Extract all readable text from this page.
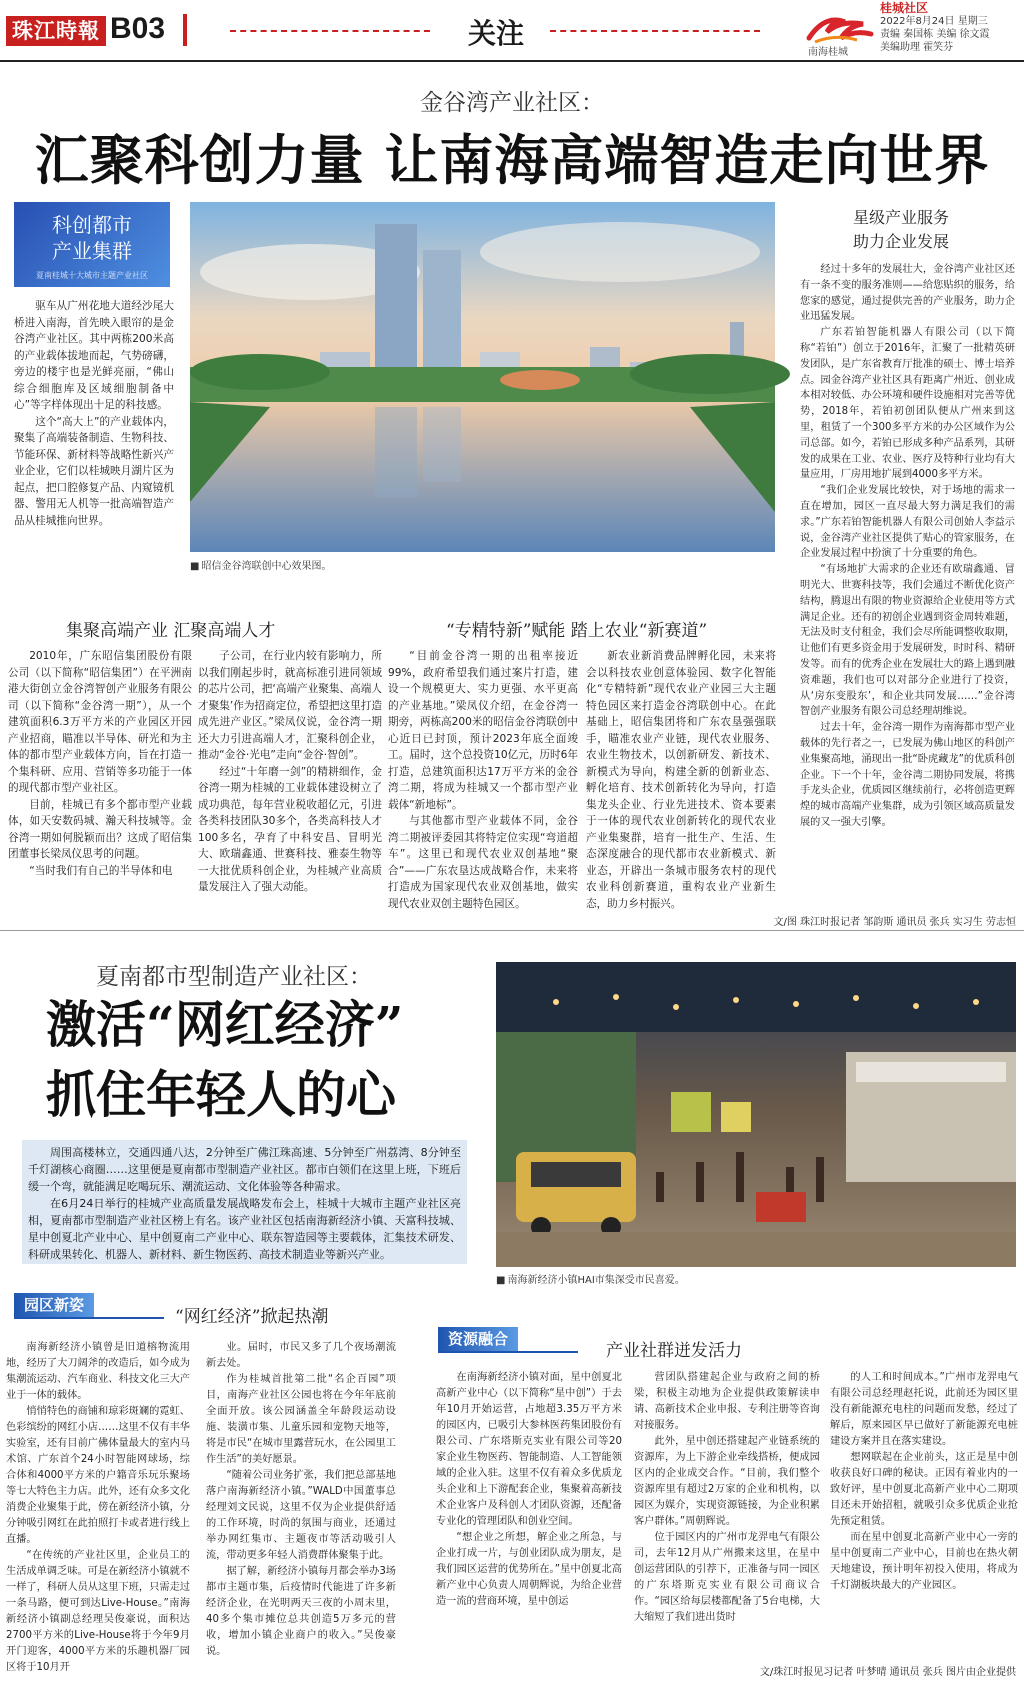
珠江時報 B03	关注
南海桂城
桂城社区
2022年8月24日 星期三
责编 秦国栋 美编 徐文霞
美编助理 霍笑芬
金谷湾产业社区：
汇聚科创力量 让南海高端智造走向世界
科创都市
产业集群
夏南桂城十大城市主题产业社区

驱车从广州花地大道经沙尾大桥进入南海，首先映入眼帘的是金谷湾产业社区。其中两栋200米高的产业载体拔地而起，气势磅礴，旁边的楼宇也是光鲜亮丽，“佛山综合细胞库及区域细胞制备中心”等字样体现出十足的科技感。

这个“高大上”的产业载体内，聚集了高端装备制造、生物科技、节能环保、新材料等战略性新兴产业企业，它们以桂城映月湖片区为起点，把口腔修复产品、内窥镜机器、警用无人机等一批高端智造产品从桂城推向世界。

■ 昭信金谷湾联创中心效果图。
星级产业服务
助力企业发展

经过十多年的发展壮大，金谷湾产业社区还有一条不变的服务准则——给您贴织的服务，给您家的感觉，通过提供完善的产业服务，助力企业迅猛发展。

广东若铂智能机器人有限公司（以下简称“若铂”）创立于2016年，汇聚了一批精英研发团队，是广东省教育厅批准的硕士、博士培养点。园金谷湾产业社区具有距离广州近、创业成本相对较低、办公环境和硬件设施相对完善等优势，2018年，若铂初创团队便从广州来到这里，租赁了一个300多平方米的办公区域作为公司总部。如今，若铂已形成多种产品系列，其研发的成果在工业、农业、医疗及特种行业均有大量应用，厂房用地扩展到4000多平方米。

“我们企业发展比较快，对于场地的需求一直在增加，园区一直尽最大努力满足我们的需求。”广东若铂智能机器人有限公司创始人李益示说，金谷湾产业社区提供了贴心的管家服务，在企业发展过程中扮演了十分重要的角色。

“有场地扩大需求的企业还有欧瑞鑫通、冒明光大、世赛科技等，我们会通过不断优化资产结构，腾退出有限的物业资源给企业使用等方式满足企业。还有的初创企业遇到资金周转难题，无法及时支付租金，我们会尽所能调整收取期，让他们有更多资金用于发展研发，时时科、精研发等。而有的优秀企业在发展壮大的路上遇到融资难题，我们也可以对部分企业进行了投资，从‘房东变股东’，和企业共同发展……”金谷湾智创产业服务有限公司总经理胡维说。

过去十年，金谷湾一期作为南海都市型产业载体的先行者之一，已发展为佛山地区的科创产业集聚高地，涌现出一批“卧虎藏龙”的优质科创企业。下一个十年，金谷湾二期协同发展，将携手龙头企业，优质园区继续前行，必将创造更辉煌的城市高端产业集群，成为引领区域高质量发展的又一强大引擎。

集聚高端产业 汇聚高端人才	“专精特新”赋能 踏上农业“新赛道”

2010年，广东昭信集团股份有限公司（以下简称“昭信集团”）在平洲南港大街创立金谷湾智创产业服务有限公司（以下简称“金谷湾一期”），从一个建筑面积6.3万平方米的产业园区开园产业招商，瞄准以半导体、研光和为主体的都市型产业载体方向，旨在打造一个集科研、应用、营销等多功能于一体的现代都市型产业社区。

目前，桂城已有多个都市型产业载体，如天安数码城、瀚天科技城等。金谷湾一期如何脱颖而出？这成了昭信集团董事长梁凤仪思考的问题。

“当时我们有自己的半导体和电

子公司，在行业内较有影响力，所以我们刚起步时，就高标准引进同领域的芯片公司，把‘高端产业聚集、高端人才聚集’作为招商定位，希望把这里打造成先进产业区。”梁凤仪说，金谷湾一期还大力引进高端人才，汇聚科创企业，推动“金谷·光电”走向“金谷·智创”。

经过“十年磨一剑”的精耕细作，金谷湾一期为桂城的工业载体建设树立了成功典范，每年营业税收超亿元，引进各类科技团队30多个，各类高科技人才100多名，孕育了中科安昌、冒明光大、欧瑞鑫通、世赛科技、雅泰生物等一大批优质科创企业，为桂城产业高质量发展注入了强大动能。

“目前金谷湾一期的出租率接近99%，政府希望我们通过案片打造，建设一个规模更大、实力更强、水平更高的产业基地。”梁凤仪介绍，在金谷湾一期旁，两栋高200米的昭信金谷湾联创中心近日已封顶，预计2023年底全面竣工。届时，这个总投资10亿元，历时6年打造，总建筑面积达17万平方米的金谷湾二期，将成为桂城又一个都市型产业载体“新地标”。

与其他都市型产业载体不同，金谷湾二期被评委园其将特定位实现“弯道超车”。这里已和现代农业双创基地“聚合”——广东农垦达成战略合作，未来将打造成为国家现代农业双创基地，做实现代农业双创主题特色园区。

新农业新消费品牌孵化园，未来将会以科技农业创意体验园、数字化智能化“专精特新”现代农业产业园三大主题特色园区来打造金谷湾联创中心。在此基础上，昭信集团将和广东农垦强强联手，瞄准农业产业链，现代农业服务、农业生物技术，以创新研发、新技术、新模式为导向，构建全新的创新业态、孵化培育、技术创新转化为导向，打造集龙头企业、行业先进技术、资本要素于一体的现代农业创新转化的现代农业产业集聚群，培育一批生产、生活、生态深度融合的现代都市农业新模式、新业态，开辟出一条城市服务农村的现代农业科创新赛道，重构农业产业新生态，助力乡村振兴。

文/图 珠江时报记者 邹韵斯 通讯员 张兵 实习生 劳志恒
夏南都市型制造产业社区：
激活“网红经济”
抓住年轻人的心

周围高楼林立，交通四通八达，2分钟至广佛江珠高速、5分钟至广州荔湾、8分钟至千灯湖核心商圈……这里便是夏南都市型制造产业社区。都市白领们在这里上班，下班后缓一个弯，就能满足吃喝玩乐、潮流运动、文化体验等各种需求。

在6月24日举行的桂城产业高质量发展战略发布会上，桂城十大城市主题产业社区亮相，夏南都市型制造产业社区榜上有名。该产业社区包括南海新经济小镇、天富科技城、星中创夏北产业中心、星中创夏南二产业中心、联东智造园等主要载体，汇集技术研发、科研成果转化、机器人、新材料、新生物医药、高技术制造业等新兴产业。

■ 南海新经济小镇HAI市集深受市民喜爱。
园区新姿
“网红经济”掀起热潮
资源融合
产业社群迸发活力

南海新经济小镇曾是旧道榕物流用地，经历了大刀阔斧的改造后，如今成为集潮流运动、汽车商业、科技文化三大产业于一体的载体。

悄悄特色的商铺和琼彩斑斓的霓虹、色彩缤纷的网红小店……这里不仅有丰华实验室，还有目前广佛体量最大的室内马术馆、广东首个24小时智能网球场，综合体和4000平方米的户籍音乐玩乐聚场等七大特色主力店。此外，还有众多文化消费企业聚集于此，傍在新经济小镇，分分钟吸引网红在此拍照打卡或者进行线上直播。

“在传统的产业社区里，企业员工的生活成单调乏味。可是在新经济小镇就不一样了，科研人员从这里下班，只需走过一条马路，便可到达Live-House。”南海新经济小镇副总经理吴俊豪说，面积达2700平方米的Live-House将于今年9月开门迎客，4000平方米的乐趣机器厂园区将于10月开

业。届时，市民又多了几个夜场潮流新去处。

作为桂城首批第二批“名企百园”项目，南海产业社区公园也将在今年年底前全面开放。该公园涵盖全年龄段运动设施、装潢市集、儿童乐园和宠物天地等，将是市民“在城市里露营玩水，在公园里工作生活”的美好愿景。

“随着公司业务扩张，我们把总部基地落户南海新经济小镇。”WALD中国董事总经理刘文民说，这里不仅为企业提供舒适的工作环境，时尚的氛围与商业，还通过举办网红集市、主题夜市等活动吸引人流，带动更多年轻人消费群体聚集于此。

据了解，新经济小镇每月都会举办3场都市主题市集，后疫情时代能进了许多新经济企业，在光明两天三夜的小周末里，40多个集市摊位总共创造5万多元的营收，增加小镇企业商户的收入。”吴俊豪说。

在南海新经济小镇对面，星中创夏北高新产业中心（以下简称“星中创”）于去年10月开始运营，占地超3.35万平方米的园区内，已吸引大参林医药集团股份有限公司、广东塔斯克实业有限公司等20家企业生物医药、智能制造、人工智能领域的企业入驻。这里不仅有着众多优质龙头企业和上下游配套企业，集聚着高新技术企业客户及科创人才团队资源，还配备专业化的管理团队和创业空间。

“想企业之所想，解企业之所急，与企业打成一片，与创业团队成为朋友，是我们园区运营的优势所在。”星中创夏北高新产业中心负责人周朝辉说，为给企业营造一流的营商环境，星中创运

营团队搭建起企业与政府之间的桥梁，积极主动地为企业提供政策解读申请、高新技术企业申报、专利注册等咨询对接服务。

此外，星中创还搭建起产业链系统的资源库，为上下游企业牵线搭桥，便成园区内的企业成交合作。“目前，我们整个资源库里有超过2万家的企业和机构，以园区为媒介，实现资源链接，为企业积累客户群体。”周朝辉说。

位于园区内的广州市龙羿电气有限公司，去年12月从广州搬来这里，在星中创运营团队的引荐下，正准备与同一园区的广东塔斯克实业有限公司商议合作。“园区给每层楼都配备了5台电梯，大大缩短了我们进出货时

的人工和时间成本。”广州市龙羿电气有限公司总经理赵托说，此前还为园区里没有新能源充电柱的问题而发愁，经过了解后，原来园区早已做好了新能源充电桩建设方案并且在落实建设。

想网联起在企业前头，这正是星中创收获良好口碑的秘诀。正因有着业内的一致好评，星中创夏北高新产业中心二期项目还未开始招租，就吸引众多优质企业抢先预定租赁。

而在星中创夏北高新产业中心一旁的星中创夏南二产业中心，目前也在热火朝天地建设，预计明年初投入使用，将成为千灯湖板块最大的产业园区。

文/珠江时报见习记者 叶梦晴 通讯员 张兵 图片由企业提供
